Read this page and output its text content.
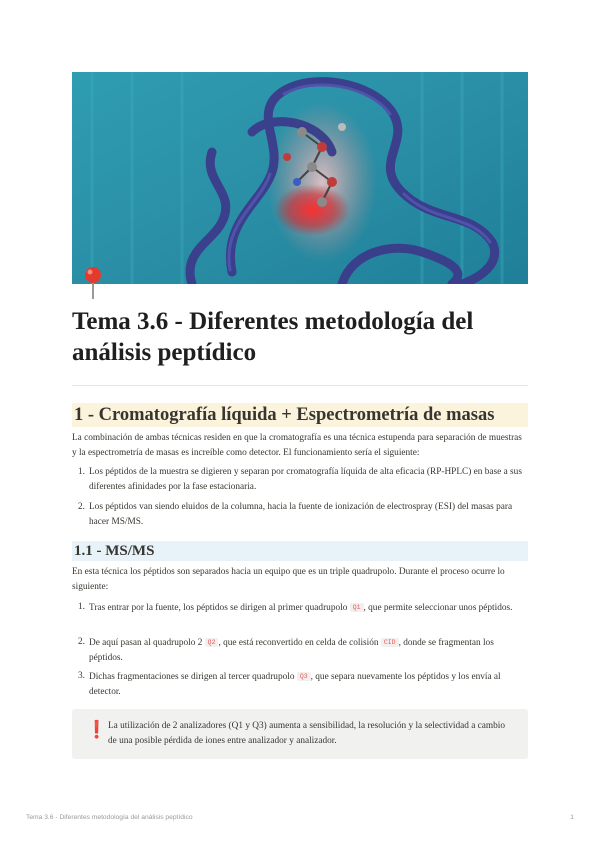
Tema 3.6 - Diferentes metodología del análisis peptídico
1 - Cromatografía líquida + Espectrometría de masas

La combinación de ambas técnicas residen en que la cromatografía es una técnica estupenda para separación de muestras y la espectrometría de masas es increíble como detector. El funcionamiento sería el siguiente:

1. Los péptidos de la muestra se digieren y separan por cromatografía líquida de alta eficacia (RP-HPLC) en base a sus diferentes afinidades por la fase estacionaria.
2. Los péptidos van siendo eluidos de la columna, hacia la fuente de ionización de electrospray (ESI) del masas para hacer MS/MS.
1.1 - MS/MS

En esta técnica los péptidos son separados hacia un equipo que es un triple quadrupolo. Durante el proceso ocurre lo siguiente:

1. Tras entrar por la fuente, los péptidos se dirigen al primer quadrupolo Q1 , que permite seleccionar unos péptidos.
2. De aquí pasan al quadrupolo 2 Q2 , que está reconvertido en celda de colisión CID , donde se fragmentan los péptidos.
3. Dichas fragmentaciones se dirigen al tercer quadrupolo Q3 , que separa nuevamente los péptidos y los envía al detector.
❗ La utilización de 2 analizadores (Q1 y Q3) aumenta a sensibilidad, la resolución y la selectividad a cambio de una posible pérdida de iones entre analizador y analizador.
Tema 3.6 - Diferentes metodología del análisis peptídico	1
